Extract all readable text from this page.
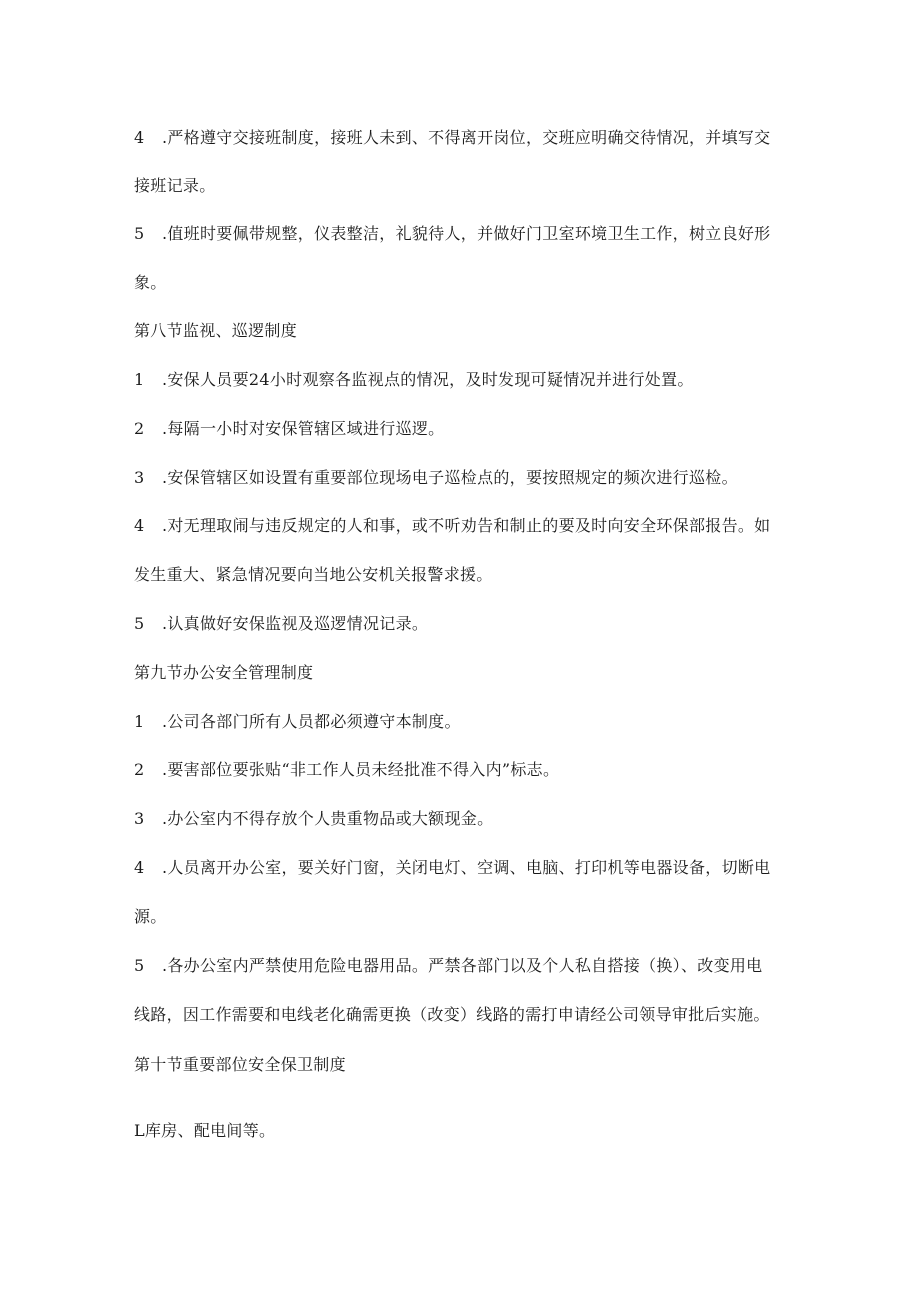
4 .严格遵守交接班制度，接班人未到、不得离开岗位，交班应明确交待情况，并填写交
接班记录。
5 .值班时要佩带规整，仪表整洁，礼貌待人，并做好门卫室环境卫生工作，树立良好形
象。
第八节监视、巡逻制度
1 .安保人员要24小时观察各监视点的情况，及时发现可疑情况并进行处置。
2 .每隔一小时对安保管辖区域进行巡逻。
3 .安保管辖区如设置有重要部位现场电子巡检点的，要按照规定的频次进行巡检。
4 .对无理取闹与违反规定的人和事，或不听劝告和制止的要及时向安全环保部报告。如
发生重大、紧急情况要向当地公安机关报警求援。
5 .认真做好安保监视及巡逻情况记录。
第九节办公安全管理制度
1 .公司各部门所有人员都必须遵守本制度。
2 .要害部位要张贴“非工作人员未经批准不得入内”标志。
3 .办公室内不得存放个人贵重物品或大额现金。
4 .人员离开办公室，要关好门窗，关闭电灯、空调、电脑、打印机等电器设备，切断电
源。
5 .各办公室内严禁使用危险电器用品。严禁各部门以及个人私自搭接（换）、改变用电
线路，因工作需要和电线老化确需更换（改变）线路的需打申请经公司领导审批后实施。
第十节重要部位安全保卫制度
L库房、配电间等。
